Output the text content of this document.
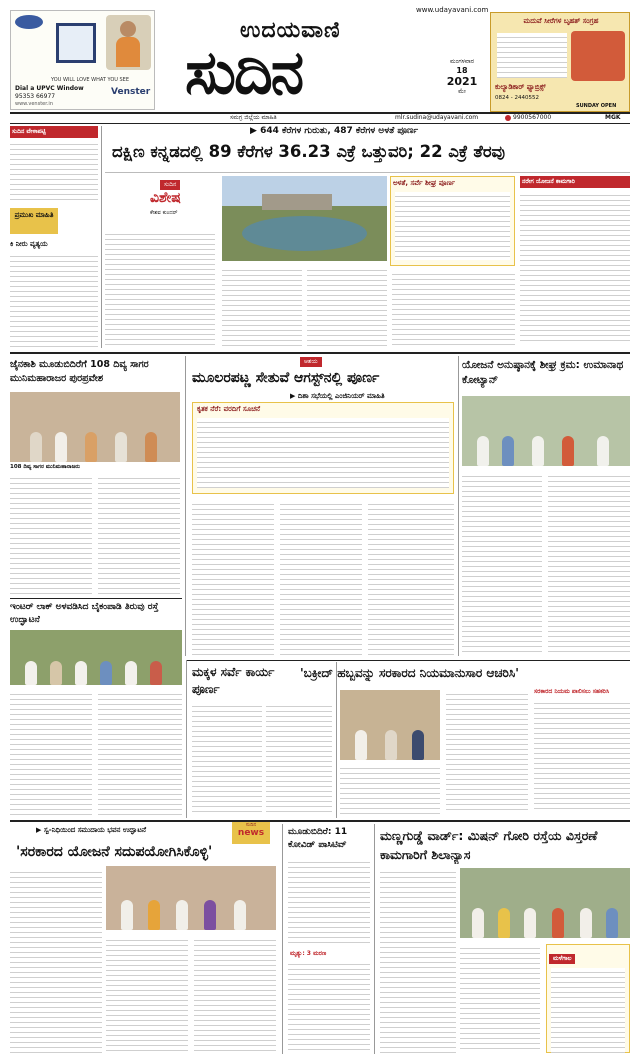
YOU WILL LOVE WHAT YOU SEE
Dial a UPVC Window
95353 66977	Venster
www.venster.in
ಉದಯವಾಣಿ
www.udayavani.com
ಸುದಿನ	ಮಂಗಳವಾರ
18
2021
ಮೇ
ಮದುವೆ ಸೀರೆಗಳ ಬೃಹತ್ ಸಂಗ್ರಹ
ಕುಲ್ಯಾಡಿಕಾರ್ ಫ್ಯಾಬ್ರಿಕ್ಸ್
0824 - 2440552
SUNDAY OPEN
ಸಮಗ್ರ ಜಿಲ್ಲೆಯ ಮಾಹಿತಿ	mlr.sudina@udayavani.com	9900567000	MGK
ಸುದಿನ ವೇಳಾಪಟ್ಟಿ
ಪ್ರಮುಖ ಮಾಹಿತಿ
ಕಿ ನೀರು ವ್ಯತ್ಯಯ
▶ 644 ಕೆರೆಗಳ ಗುರುತು, 487 ಕೆರೆಗಳ ಅಳತೆ ಪೂರ್ಣ
ದಕ್ಷಿಣ ಕನ್ನಡದಲ್ಲಿ 89 ಕೆರೆಗಳ 36.23 ಎಕ್ರೆ ಒತ್ತುವರಿ; 22 ಎಕ್ರೆ ತೆರವು
ಸುದಿನ
ವಿಶೇಷ
ಕೇಶವ ಕುಂದರ್
ಅಳತೆ, ಸರ್ವೆ ಶೀಘ್ರ ಪೂರ್ಣ	ನರೇಗ ಯೋಜನೆ ಕಾಮಗಾರಿ
ಜೈನಕಾಶಿ ಮೂಡುಬಿದಿರೆಗೆ 108 ದಿವ್ಯ ಸಾಗರ ಮುನಿಮಹಾರಾಜರ ಪುರಪ್ರವೇಶ
108 ದಿವ್ಯ ಸಾಗರ ಮುನಿಮಹಾರಾಜರು
ಆಶಯ
ಮೂಲರಪಟ್ಣ ಸೇತುವೆ ಆಗಸ್ಟ್‌ನಲ್ಲಿ ಪೂರ್ಣ
▶ ದಿಶಾ ಸಭೆಯಲ್ಲಿ ಎಂಜಿನಿಯರ್ ಮಾಹಿತಿ
ಕೃತಕ ನೆರೆ: ವರದಿಗೆ ಸೂಚನೆ
ಯೋಜನೆ ಅನುಷ್ಠಾನಕ್ಕೆ ಶೀಘ್ರ ಕ್ರಮ: ಉಮಾನಾಥ ಕೋಟ್ಯಾನ್
ಇಂಟರ್‌ ಲಾಕ್ ಅಳವಡಿಸಿದ ಬೈಕಂಪಾಡಿ ತಿರುವು ರಸ್ತೆ ಉದ್ಘಾಟನೆ
ಮಕ್ಕಳ ಸರ್ವೆ ಕಾರ್ಯ ಪೂರ್ಣ
'ಬಕ್ರೀದ್ ಹಬ್ಬವನ್ನು ಸರಕಾರದ ನಿಯಮಾನುಸಾರ ಆಚರಿಸಿ'
ಸರಕಾರದ ನಿಯಮ ಪಾಲಿಸಲು ಸಹಕರಿಸಿ
▶ ಸ್ವ-ನಿಧಿಯಿಂದ ಸಮುದಾಯ ಭವನ ಉದ್ಘಾಟನೆ
ಸುದಿನ
news
'ಸರಕಾರದ ಯೋಜನೆ ಸದುಪಯೋಗಿಸಿಕೊಳ್ಳಿ'
ಮೂಡುಬಿದಿರೆ: 11 ಕೋವಿಡ್ ಪಾಸಿಟಿವ್
ಮೃತ್ಯು: 3 ಮರಣ
ಮಣ್ಣಗುಡ್ಡೆ ವಾರ್ಡ್: ಮಿಷನ್ ಗೋರಿ ರಸ್ತೆಯ ವಿಸ್ತರಣೆ ಕಾಮಗಾರಿಗೆ ಶಿಲಾನ್ಯಾಸ
ಮಳೆಗಾಲ
